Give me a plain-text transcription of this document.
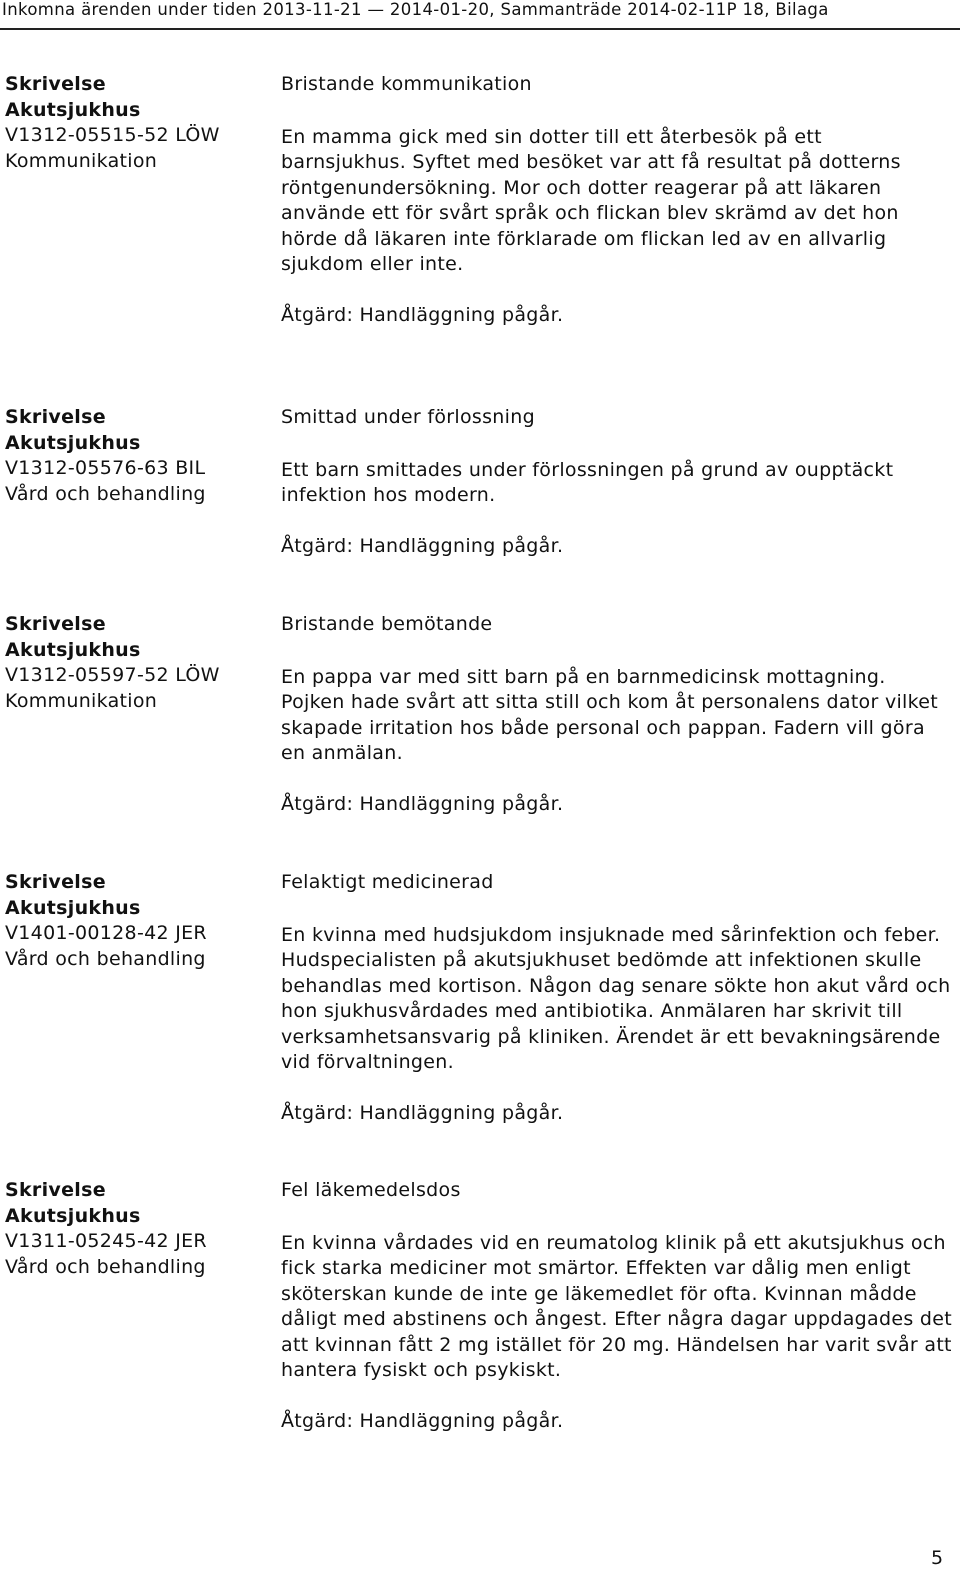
Inkomna ärenden under tiden 2013-11-21 — 2014-01-20, Sammanträde 2014-02-11P 18, Bilaga
Skrivelse
Akutsjukhus
V1312-05515-52 LÖW
Kommunikation
Bristande kommunikation
En mamma gick med sin dotter till ett återbesök på ett barnsjukhus. Syftet med besöket var att få resultat på dotterns röntgenundersökning. Mor och dotter reagerar på att läkaren använde ett för svårt språk och flickan blev skrämd av det hon hörde då läkaren inte förklarade om flickan led av en allvarlig sjukdom eller inte.
Åtgärd: Handläggning pågår.
Skrivelse
Akutsjukhus
V1312-05576-63 BIL
Vård och behandling
Smittad under förlossning
Ett barn smittades under förlossningen på grund av oupptäckt infektion hos modern.
Åtgärd: Handläggning pågår.
Skrivelse
Akutsjukhus
V1312-05597-52 LÖW
Kommunikation
Bristande bemötande
En pappa var med sitt barn på en barnmedicinsk mottagning. Pojken hade svårt att sitta still och kom åt personalens dator vilket skapade irritation hos både personal och pappan. Fadern vill göra en anmälan.
Åtgärd: Handläggning pågår.
Skrivelse
Akutsjukhus
V1401-00128-42 JER
Vård och behandling
Felaktigt medicinerad
En kvinna med hudsjukdom insjuknade med sårinfektion och feber. Hudspecialisten på akutsjukhuset bedömde att infektionen skulle behandlas med kortison. Någon dag senare sökte hon akut vård och hon sjukhusvårdades med antibiotika. Anmälaren har skrivit till verksamhetsansvarig på kliniken. Ärendet är ett bevakningsärende vid förvaltningen.
Åtgärd: Handläggning pågår.
Skrivelse
Akutsjukhus
V1311-05245-42 JER
Vård och behandling
Fel läkemedelsdos
En kvinna vårdades vid en reumatolog klinik på ett akutsjukhus och fick starka mediciner mot smärtor. Effekten var dålig men enligt sköterskan kunde de inte ge läkemedlet för ofta. Kvinnan mådde dåligt med abstinens och ångest. Efter några dagar uppdagades det att kvinnan fått 2 mg istället för 20 mg. Händelsen har varit svår att hantera fysiskt och psykiskt.
Åtgärd: Handläggning pågår.
5
